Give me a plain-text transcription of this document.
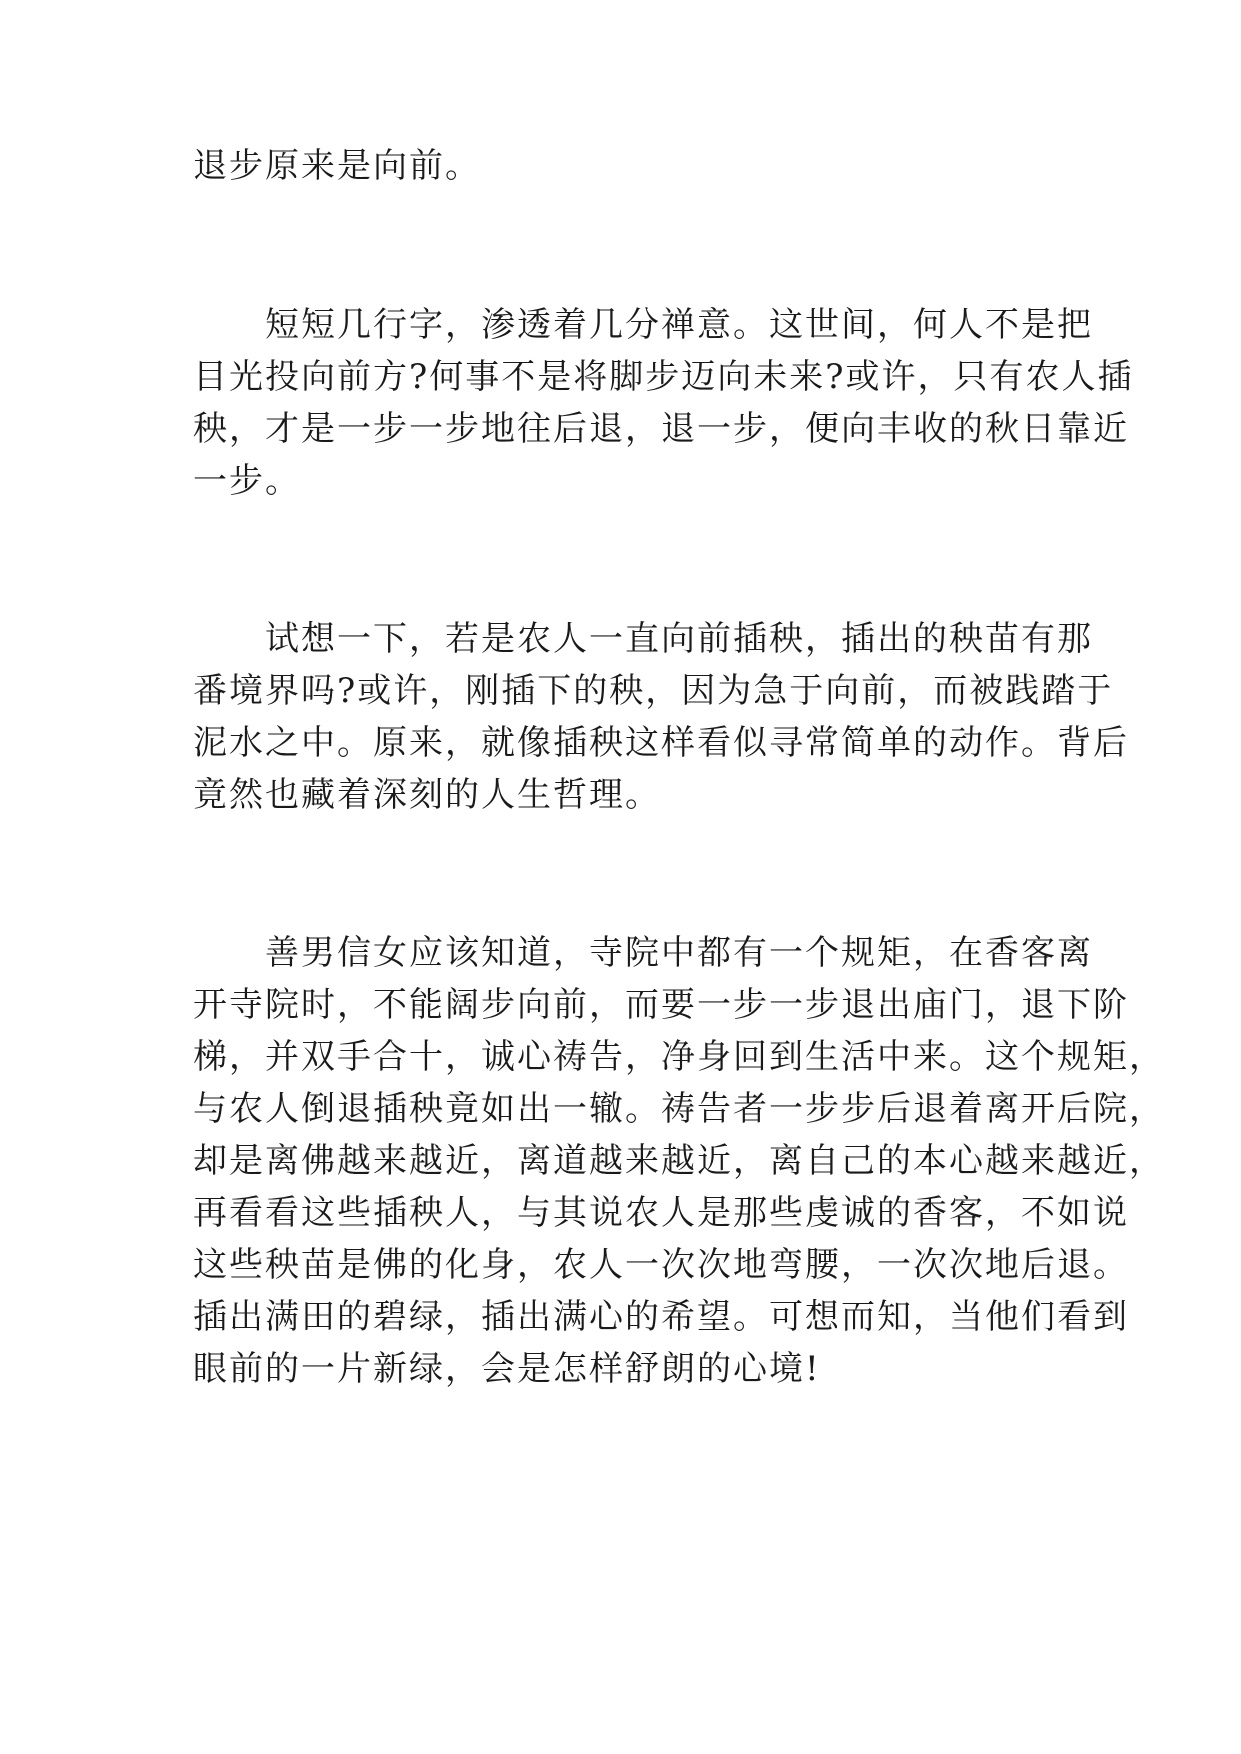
退步原来是向前。
　　短短几行字，渗透着几分禅意。这世间，何人不是把
目光投向前方?何事不是将脚步迈向未来?或许，只有农人插
秧，才是一步一步地往后退，退一步，便向丰收的秋日靠近
一步。
　　试想一下，若是农人一直向前插秧，插出的秧苗有那
番境界吗?或许，刚插下的秧，因为急于向前，而被践踏于
泥水之中。原来，就像插秧这样看似寻常简单的动作。背后
竟然也藏着深刻的人生哲理。
　　善男信女应该知道，寺院中都有一个规矩，在香客离
开寺院时，不能阔步向前，而要一步一步退出庙门，退下阶
梯，并双手合十，诚心祷告，净身回到生活中来。这个规矩，
与农人倒退插秧竟如出一辙。祷告者一步步后退着离开后院，
却是离佛越来越近，离道越来越近，离自己的本心越来越近，
再看看这些插秧人，与其说农人是那些虔诚的香客，不如说
这些秧苗是佛的化身，农人一次次地弯腰，一次次地后退。
插出满田的碧绿，插出满心的希望。可想而知，当他们看到
眼前的一片新绿，会是怎样舒朗的心境!
